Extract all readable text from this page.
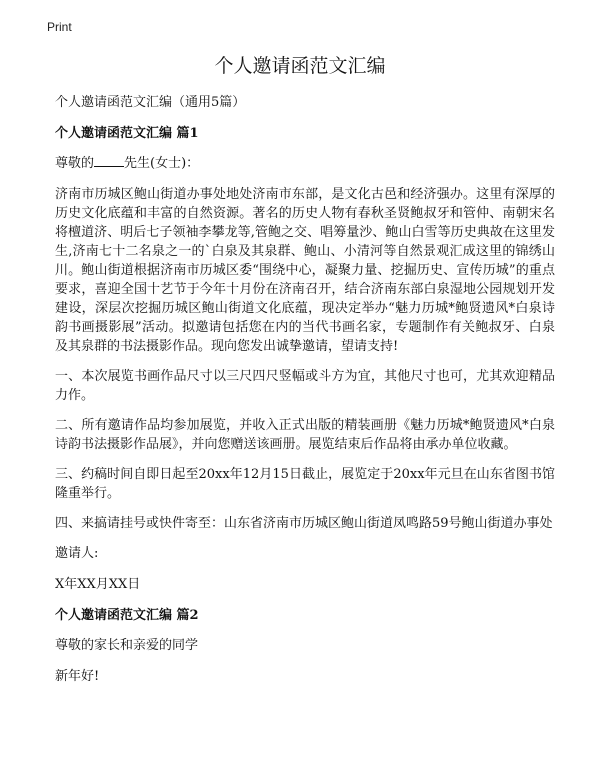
Print
个人邀请函范文汇编

个人邀请函范文汇编（通用5篇）

个人邀请函范文汇编 篇1

尊敬的 先生(女士)：

济南市历城区鲍山街道办事处地处济南市东部，是文化古邑和经济强办。这里有深厚的历史文化底蕴和丰富的自然资源。著名的历史人物有春秋圣贤鲍叔牙和管仲、南朝宋名将檀道济、明后七子领袖李攀龙等,管鲍之交、唱筹量沙、鲍山白雪等历史典故在这里发生,济南七十二名泉之一的`白泉及其泉群、鲍山、小清河等自然景观汇成这里的锦绣山川。鲍山街道根据济南市历城区委“围绕中心，凝聚力量、挖掘历史、宣传历城”的重点要求，喜迎全国十艺节于今年十月份在济南召开，结合济南东部白泉湿地公园规划开发建设，深层次挖掘历城区鲍山街道文化底蕴，现决定举办“魅力历城*鲍贤遗风*白泉诗韵书画摄影展”活动。拟邀请包括您在内的当代书画名家，专题制作有关鲍叔牙、白泉及其泉群的书法摄影作品。现向您发出诚挚邀请，望请支持!

一、本次展览书画作品尺寸以三尺四尺竖幅或斗方为宜，其他尺寸也可，尤其欢迎精品力作。

二、所有邀请作品均参加展览，并收入正式出版的精装画册《魅力历城*鲍贤遗风*白泉诗韵书法摄影作品展》，并向您赠送该画册。展览结束后作品将由承办单位收藏。

三、约稿时间自即日起至20xx年12月15日截止，展览定于20xx年元旦在山东省图书馆隆重举行。

四、来搞请挂号或快件寄至：山东省济南市历城区鲍山街道凤鸣路59号鲍山街道办事处

邀请人:

X年XX月XX日

个人邀请函范文汇编 篇2

尊敬的家长和亲爱的同学

新年好!
